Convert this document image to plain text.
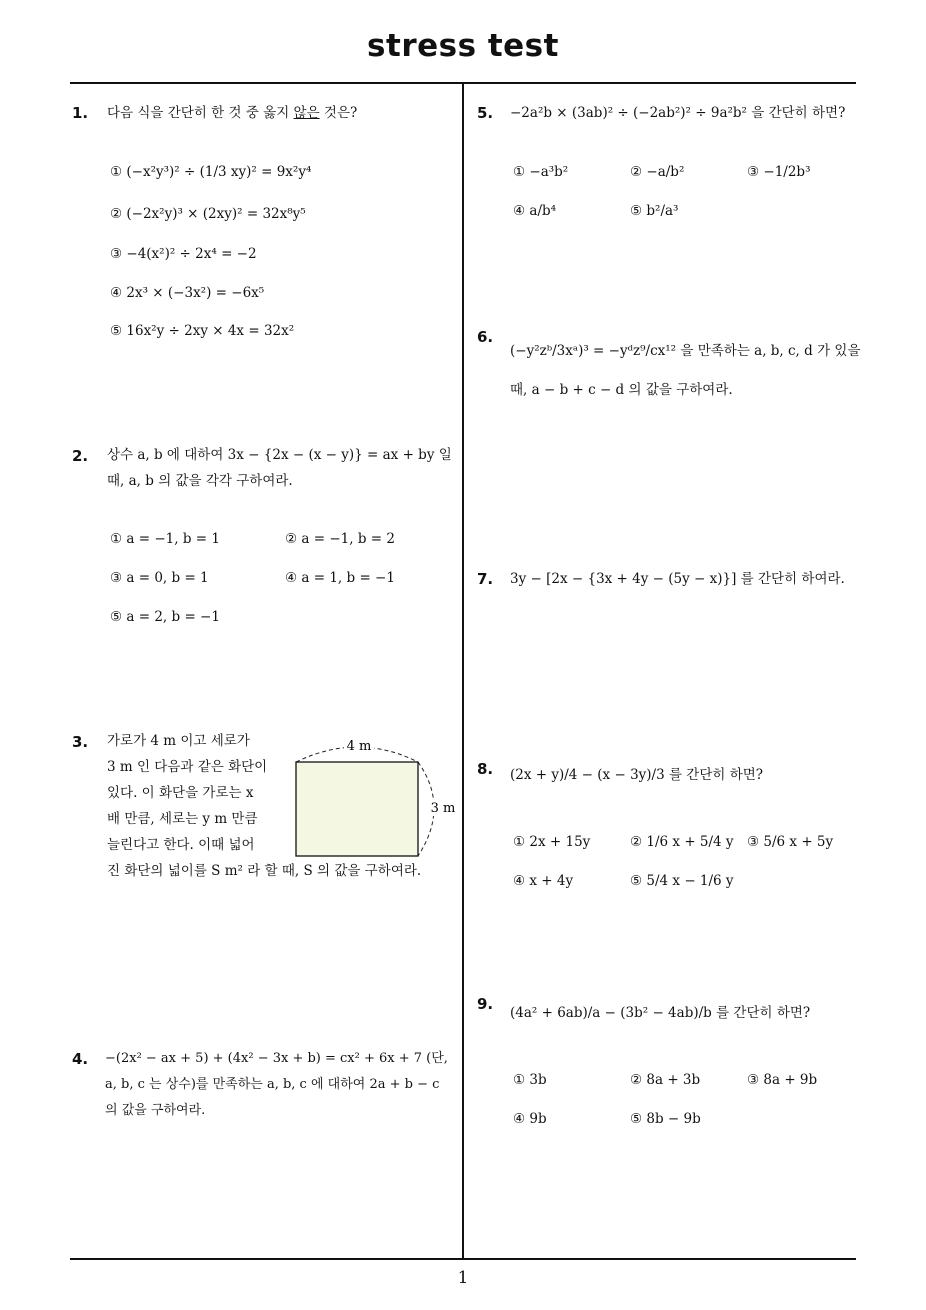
stress test
1
1. 다음 식을 간단히 한 것 중 옳지 않은 것은?
① (−x²y³)² ÷ (1/3 xy)² = 9x²y⁴
② (−2x²y)³ × (2xy)² = 32x⁸y⁵
③ −4(x²)² ÷ 2x⁴ = −2
④ 2x³ × (−3x²) = −6x⁵
⑤ 16x²y ÷ 2xy × 4x = 32x²
2. 상수 a, b 에 대하여 3x − {2x − (x − y)} = ax + by 일
때, a, b 의 값을 각각 구하여라.
① a = −1, b = 1	② a = −1, b = 2
③ a = 0, b = 1	④ a = 1, b = −1
⑤ a = 2, b = −1
3. 가로가 4 m 이고 세로가
3 m 인 다음과 같은 화단이
있다. 이 화단을 가로는 x
배 만큼, 세로는 y m 만큼
늘린다고 한다. 이때 넓어
진 화단의 넓이를 S m² 라 할 때, S 의 값을 구하여라.
4 m
3 m
4. −(2x² − ax + 5) + (4x² − 3x + b) = cx² + 6x + 7 (단,
a, b, c 는 상수)를 만족하는 a, b, c 에 대하여 2a + b − c
의 값을 구하여라.
5. −2a²b × (3ab)² ÷ (−2ab²)² ÷ 9a²b² 을 간단히 하면?
① −a³b²	② −a/b²	③ −1/2b³
④ a/b⁴	⑤ b²/a³
6.
(−y²zᵇ/3xᵃ)³ = −yᵈz⁹/cx¹² 을 만족하는 a, b, c, d 가 있을
때, a − b + c − d 의 값을 구하여라.
7. 3y − [2x − {3x + 4y − (5y − x)}] 를 간단히 하여라.
8. (2x + y)/4 − (x − 3y)/3 를 간단히 하면?
① 2x + 15y	② 1/6 x + 5/4 y ③ 5/6 x + 5y
④ x + 4y	⑤ 5/4 x − 1/6 y
9. (4a² + 6ab)/a − (3b² − 4ab)/b 를 간단히 하면?
① 3b	② 8a + 3b	③ 8a + 9b
④ 9b	⑤ 8b − 9b
